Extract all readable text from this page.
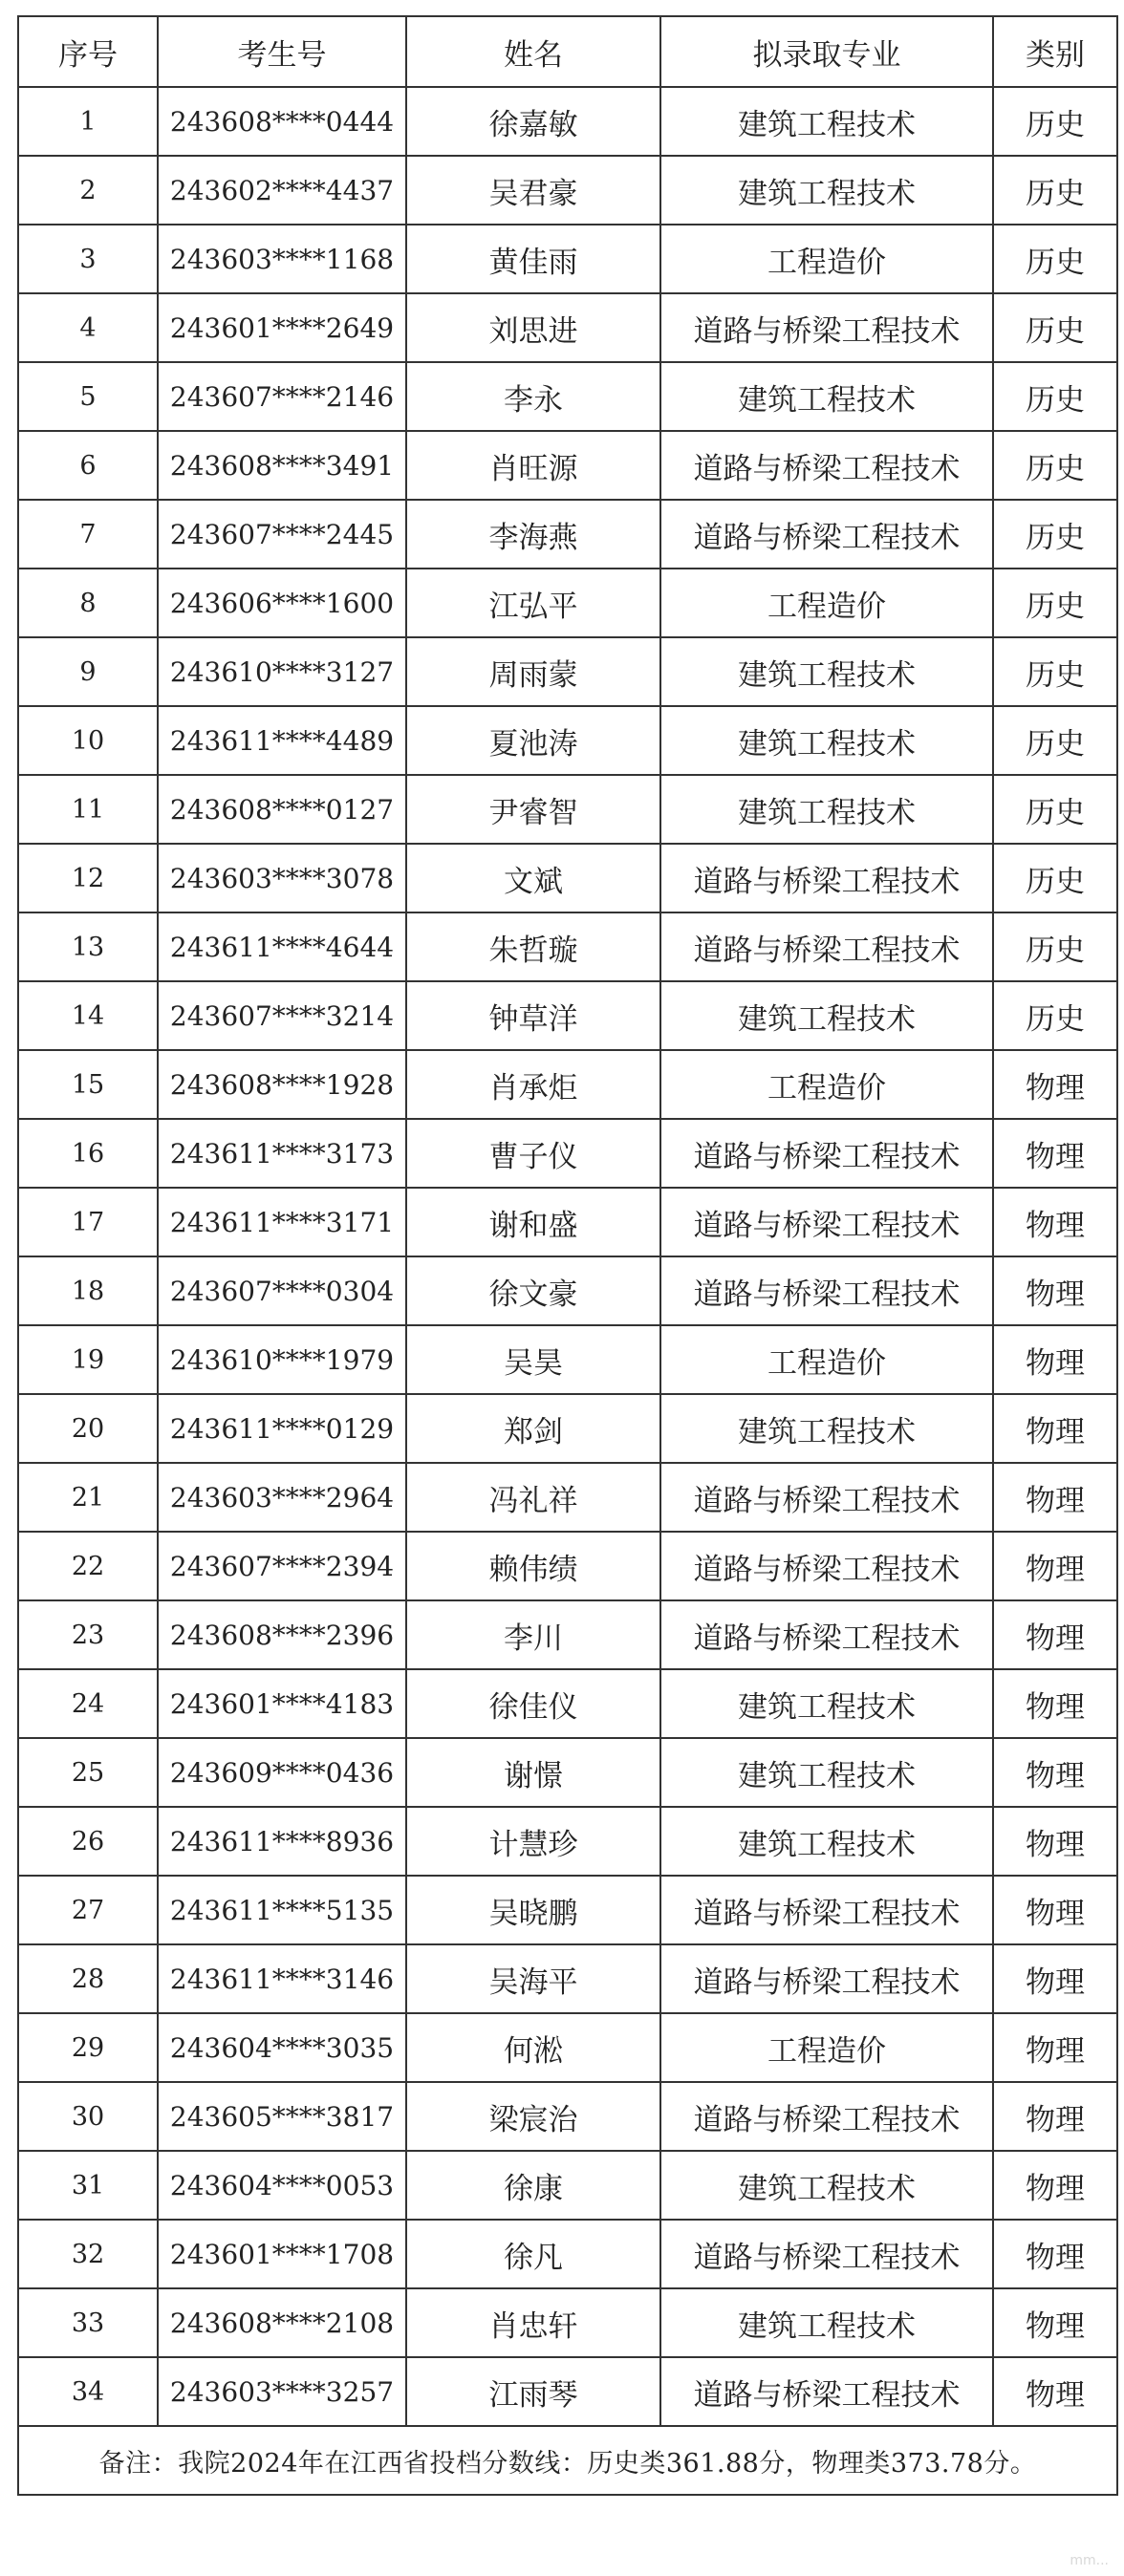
序号	考生号	姓名	拟录取专业	类别
1	243608****0444	徐嘉敏	建筑工程技术	历史
2	243602****4437	吴君豪	建筑工程技术	历史
3	243603****1168	黄佳雨	工程造价	历史
4	243601****2649	刘思进	道路与桥梁工程技术	历史
5	243607****2146	李永	建筑工程技术	历史
6	243608****3491	肖旺源	道路与桥梁工程技术	历史
7	243607****2445	李海燕	道路与桥梁工程技术	历史
8	243606****1600	江弘平	工程造价	历史
9	243610****3127	周雨蒙	建筑工程技术	历史
10	243611****4489	夏池涛	建筑工程技术	历史
11	243608****0127	尹睿智	建筑工程技术	历史
12	243603****3078	文斌	道路与桥梁工程技术	历史
13	243611****4644	朱哲璇	道路与桥梁工程技术	历史
14	243607****3214	钟草洋	建筑工程技术	历史
15	243608****1928	肖承炬	工程造价	物理
16	243611****3173	曹子仪	道路与桥梁工程技术	物理
17	243611****3171	谢和盛	道路与桥梁工程技术	物理
18	243607****0304	徐文豪	道路与桥梁工程技术	物理
19	243610****1979	吴昊	工程造价	物理
20	243611****0129	郑剑	建筑工程技术	物理
21	243603****2964	冯礼祥	道路与桥梁工程技术	物理
22	243607****2394	赖伟绩	道路与桥梁工程技术	物理
23	243608****2396	李川	道路与桥梁工程技术	物理
24	243601****4183	徐佳仪	建筑工程技术	物理
25	243609****0436	谢憬	建筑工程技术	物理
26	243611****8936	计慧珍	建筑工程技术	物理
27	243611****5135	吴晓鹏	道路与桥梁工程技术	物理
28	243611****3146	吴海平	道路与桥梁工程技术	物理
29	243604****3035	何淞	工程造价	物理
30	243605****3817	梁宸治	道路与桥梁工程技术	物理
31	243604****0053	徐康	建筑工程技术	物理
32	243601****1708	徐凡	道路与桥梁工程技术	物理
33	243608****2108	肖忠轩	建筑工程技术	物理
34	243603****3257	江雨琴	道路与桥梁工程技术	物理
备注：我院2024年在江西省投档分数线：历史类361.88分，物理类373.78分。				
mm...
